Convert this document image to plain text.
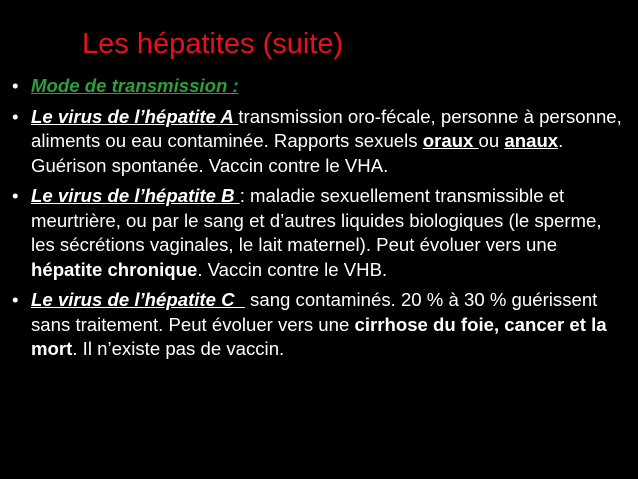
Les hépatites (suite)
• Mode de transmission :
• Le virus de l’hépatite A transmission oro-fécale, personne à personne, aliments ou eau contaminée. Rapports sexuels oraux ou anaux. Guérison spontanée. Vaccin contre le VHA.
• Le virus de l’hépatite B : maladie sexuellement transmissible et meurtrière, ou par le sang et d’autres liquides biologiques (le sperme, les sécrétions vaginales, le lait maternel). Peut évoluer vers une hépatite chronique. Vaccin contre le VHB.
• Le virus de l’hépatite C   sang contaminés. 20 % à 30 % guérissent sans traitement. Peut évoluer vers une cirrhose du foie, cancer et la mort. Il n’existe pas de vaccin.
